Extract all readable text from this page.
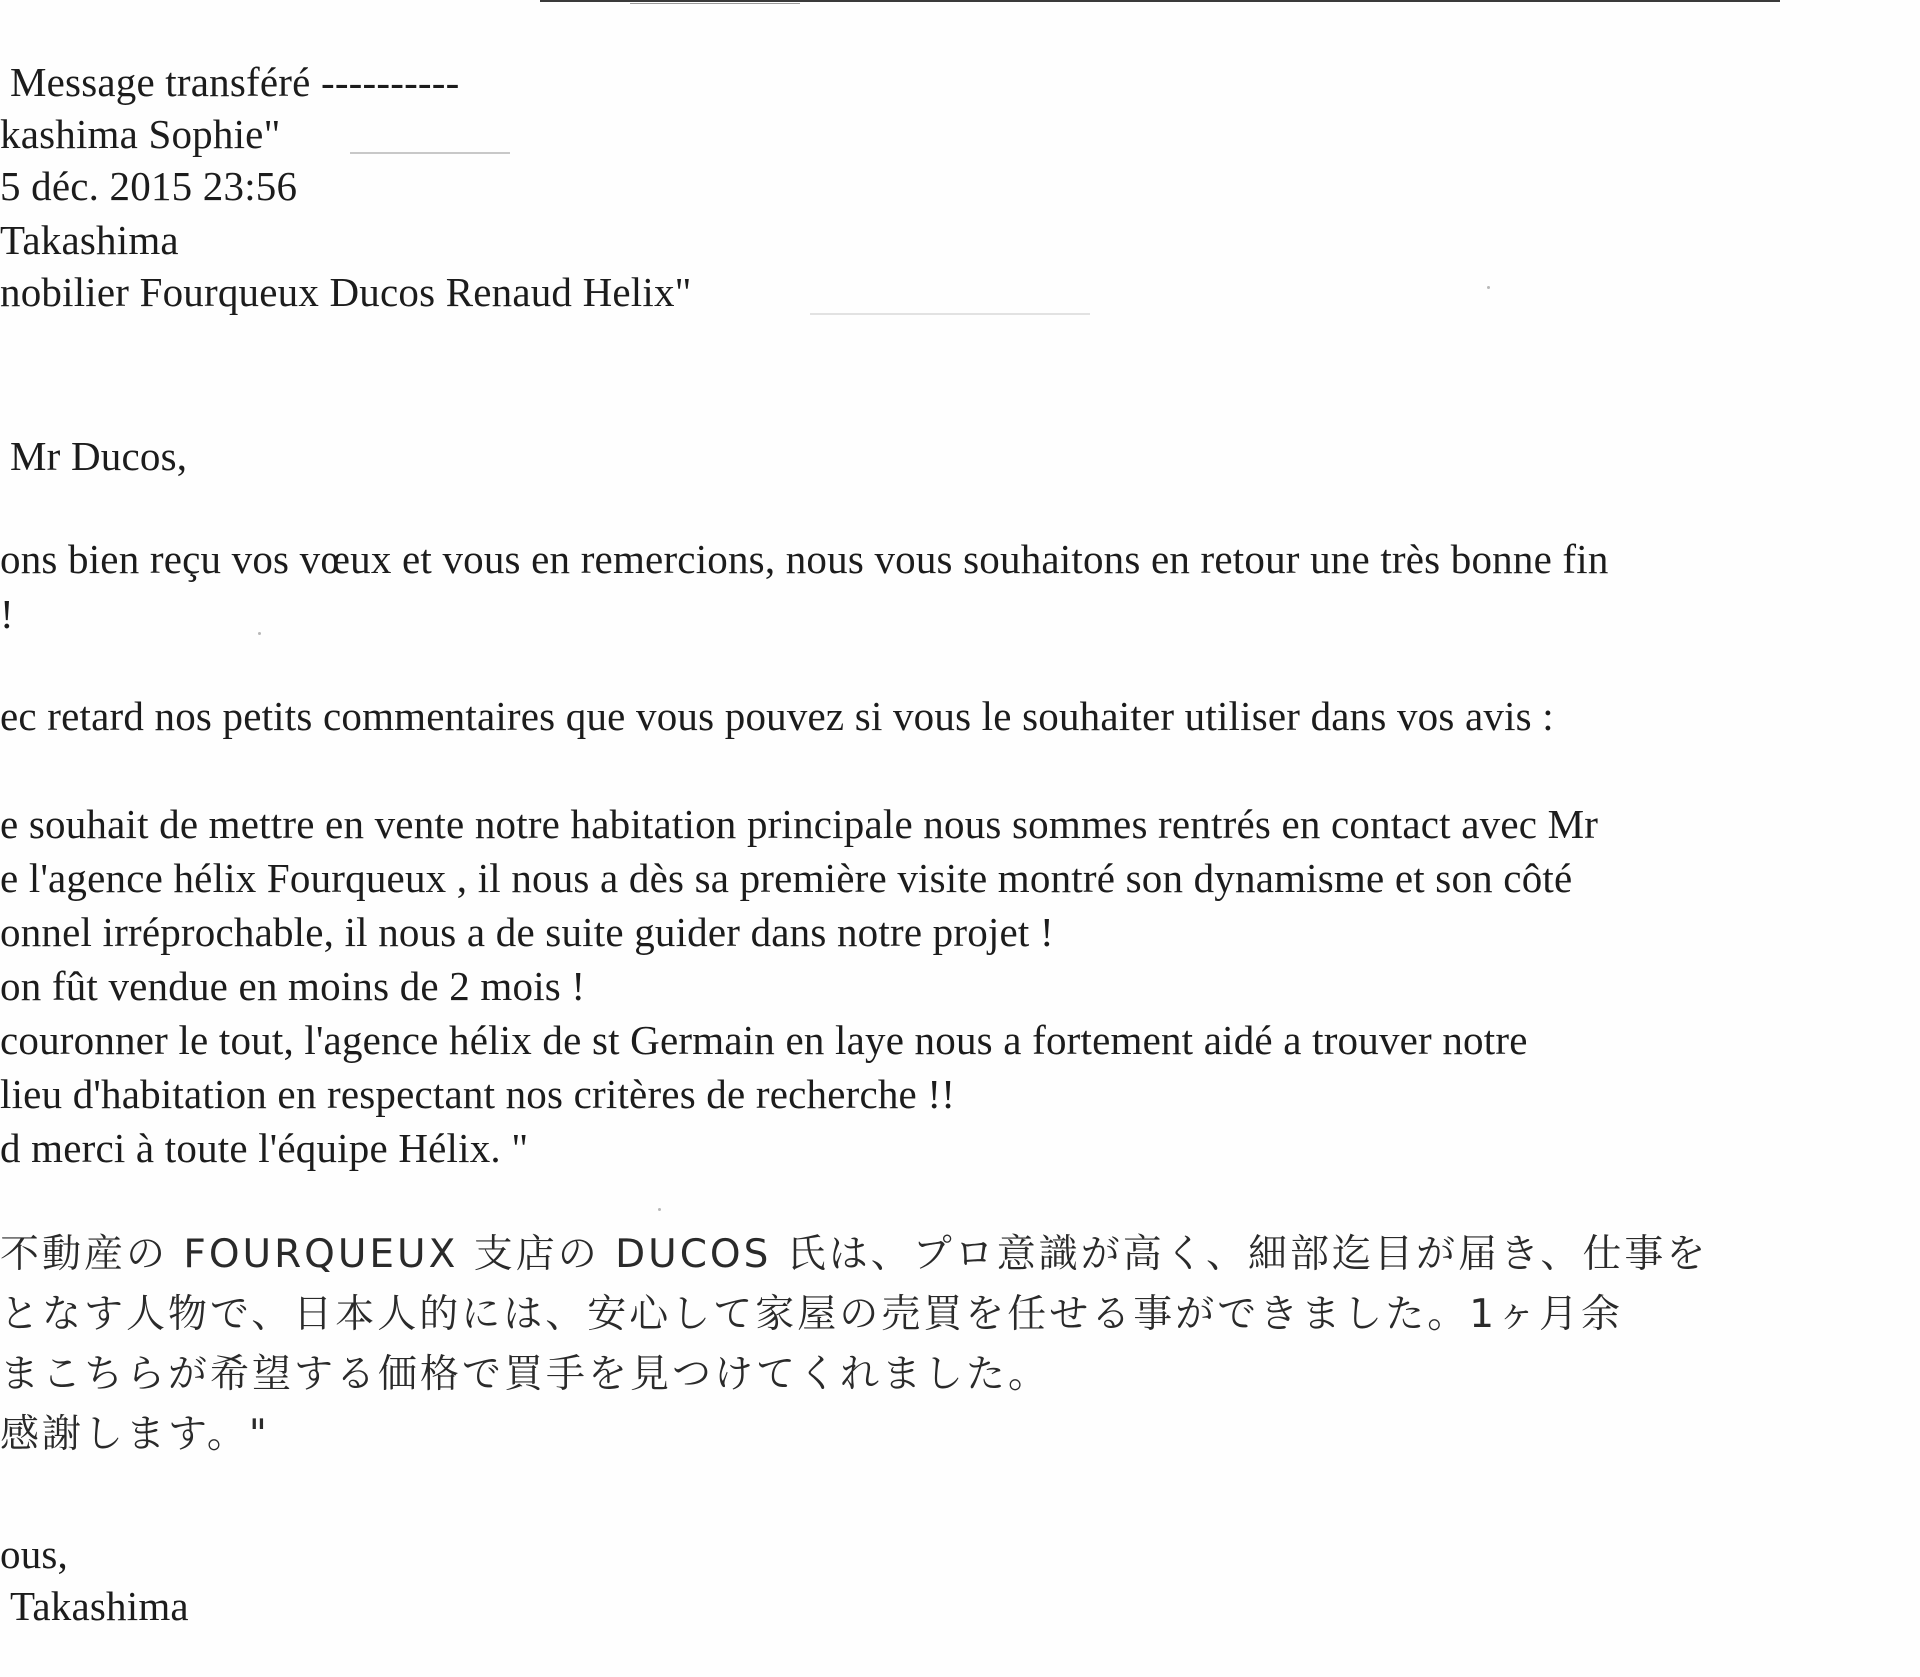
Message transféré ----------
kashima Sophie"
5 déc. 2015 23:56
Takashima
nobilier Fourqueux Ducos Renaud Helix"
Mr Ducos,
ons bien reçu vos vœux et vous en remercions, nous vous souhaitons en retour une très bonne fin
!
ec retard nos petits commentaires que vous pouvez si vous le souhaiter utiliser dans vos avis :
e souhait de mettre en vente notre habitation principale nous sommes rentrés en contact avec Mr
e l'agence hélix Fourqueux , il nous a dès sa première visite montré son dynamisme et son côté
onnel irréprochable, il nous a de suite guider dans notre projet !
on fût vendue en moins de 2 mois !
couronner le tout, l'agence hélix de st Germain en laye nous a fortement aidé a trouver notre
lieu d'habitation en respectant nos critères de recherche !!
d merci à toute l'équipe Hélix. "
不動産の FOURQUEUX 支店の DUCOS 氏は、プロ意識が高く、細部迄目が届き、仕事を
となす人物で、日本人的には、安心して家屋の売買を任せる事ができました。1ヶ月余
まこちらが希望する価格で買手を見つけてくれました。
感謝します。"
ous,
Takashima
